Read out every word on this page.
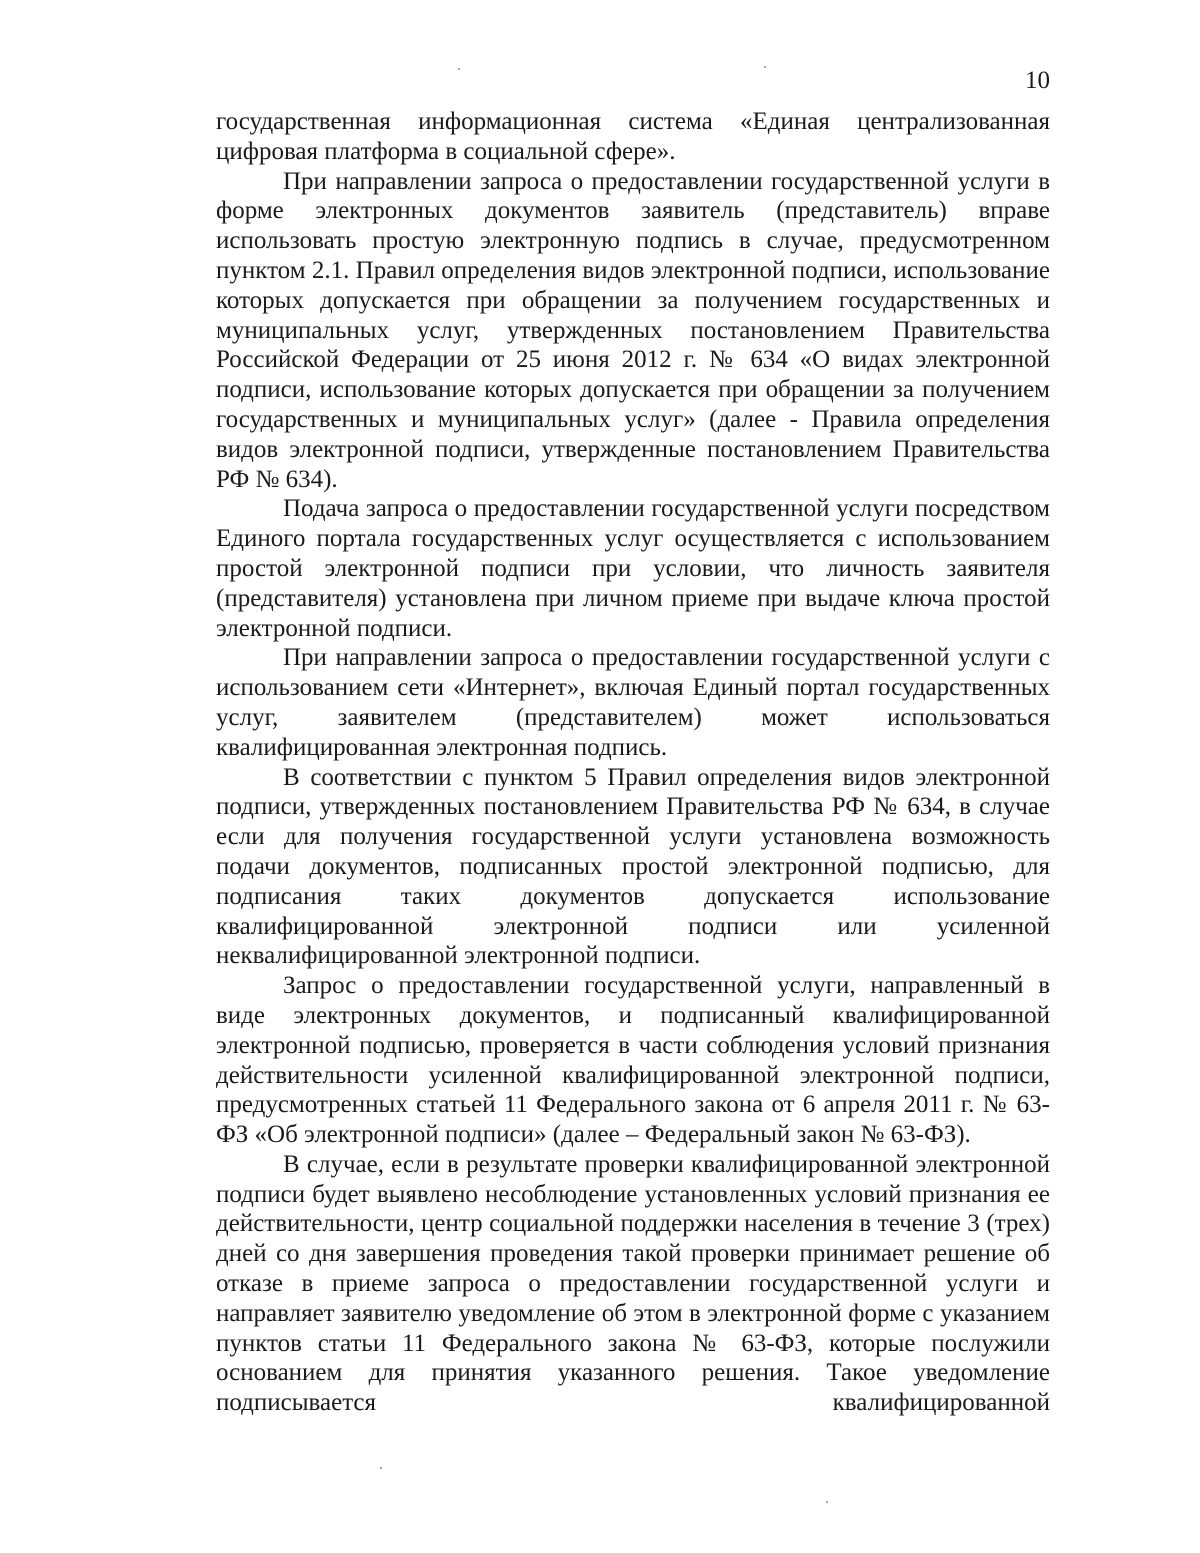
10

государственная информационная система «Единая централизованная цифровая платформа в социальной сфере».

При направлении запроса о предоставлении государственной услуги в форме электронных документов заявитель (представитель) вправе использовать простую электронную подпись в случае, предусмотренном пунктом 2.1. Правил определения видов электронной подписи, использование которых допускается при обращении за получением государственных и муниципальных услуг, утвержденных постановлением Правительства Российской Федерации от 25 июня 2012 г. № 634 «О видах электронной подписи, использование которых допускается при обращении за получением государственных и муниципальных услуг» (далее - Правила определения видов электронной подписи, утвержденные постановлением Правительства РФ № 634).

Подача запроса о предоставлении государственной услуги посредством Единого портала государственных услуг осуществляется с использованием простой электронной подписи при условии, что личность заявителя (представителя) установлена при личном приеме при выдаче ключа простой электронной подписи.

При направлении запроса о предоставлении государственной услуги с использованием сети «Интернет», включая Единый портал государственных услуг, заявителем (представителем) может использоваться квалифицированная электронная подпись.

В соответствии с пунктом 5 Правил определения видов электронной подписи, утвержденных постановлением Правительства РФ № 634, в случае если для получения государственной услуги установлена возможность подачи документов, подписанных простой электронной подписью, для подписания таких документов допускается использование квалифицированной электронной подписи или усиленной неквалифицированной электронной подписи.

Запрос о предоставлении государственной услуги, направленный в виде электронных документов, и подписанный квалифицированной электронной подписью, проверяется в части соблюдения условий признания действительности усиленной квалифицированной электронной подписи, предусмотренных статьей 11 Федерального закона от 6 апреля 2011 г. № 63-ФЗ «Об электронной подписи» (далее – Федеральный закон № 63-ФЗ).

В случае, если в результате проверки квалифицированной электронной подписи будет выявлено несоблюдение установленных условий признания ее действительности, центр социальной поддержки населения в течение 3 (трех) дней со дня завершения проведения такой проверки принимает решение об отказе в приеме запроса о предоставлении государственной услуги и направляет заявителю уведомление об этом в электронной форме с указанием пунктов статьи 11 Федерального закона № 63-ФЗ, которые послужили основанием для принятия указанного решения. Такое уведомление подписывается квалифицированной
